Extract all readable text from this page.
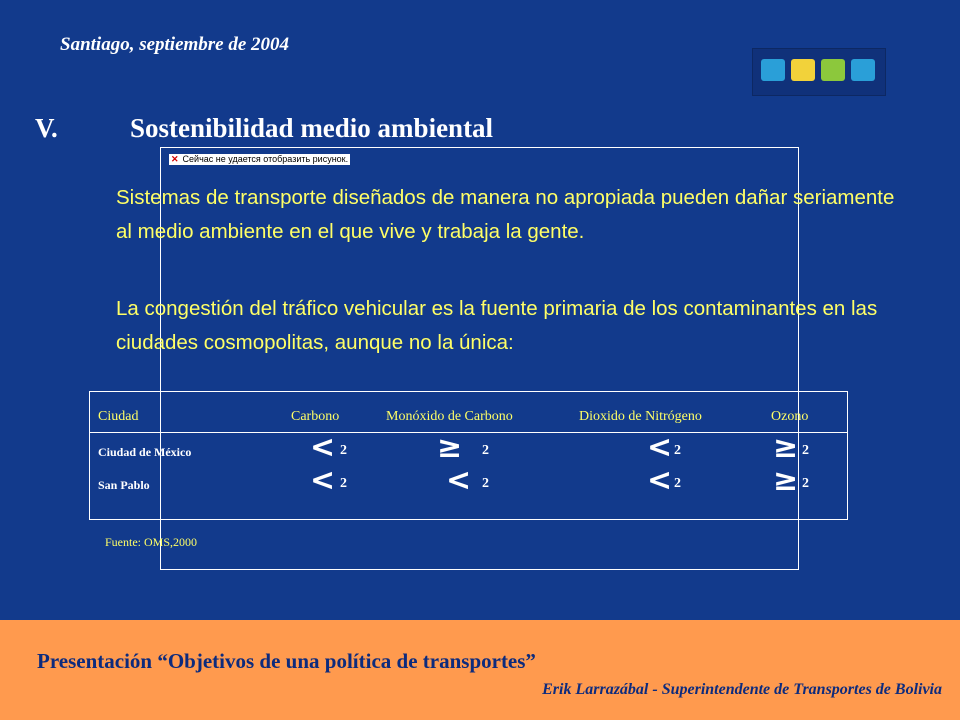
Santiago, septiembre de 2004
V.	Sostenibilidad medio ambiental
✕ Сейчас не удается отобразить рисунок.
Sistemas de transporte diseñados de manera no apropiada pueden dañar seriamente al medio ambiente en el que vive y trabaja la gente.
La congestión del tráfico vehicular es la fuente primaria de los contaminantes en las ciudades cosmopolitas, aunque no la única:
Ciudad	Carbono	Monóxido de Carbono	Dioxido de Nitrógeno	Ozono
Ciudad de México	< 2	≥ 2	< 2	≥ 2
San Pablo	< 2	< 2	< 2	≥ 2
Fuente: OMS,2000
Presentación “Objetivos de una política de transportes”
Erik Larrazábal - Superintendente de Transportes de Bolivia
